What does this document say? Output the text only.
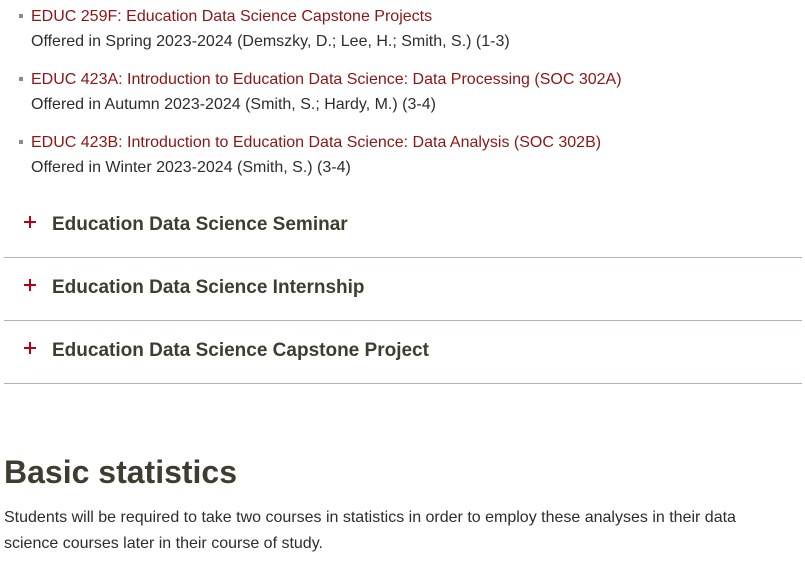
EDUC 259F: Education Data Science Capstone Projects
Offered in Spring 2023-2024 (Demszky, D.; Lee, H.; Smith, S.) (1-3)
EDUC 423A: Introduction to Education Data Science: Data Processing (SOC 302A)
Offered in Autumn 2023-2024 (Smith, S.; Hardy, M.) (3-4)
EDUC 423B: Introduction to Education Data Science: Data Analysis (SOC 302B)
Offered in Winter 2023-2024 (Smith, S.) (3-4)
Education Data Science Seminar
Education Data Science Internship
Education Data Science Capstone Project
Basic statistics

Students will be required to take two courses in statistics in order to employ these analyses in their data science courses later in their course of study.
